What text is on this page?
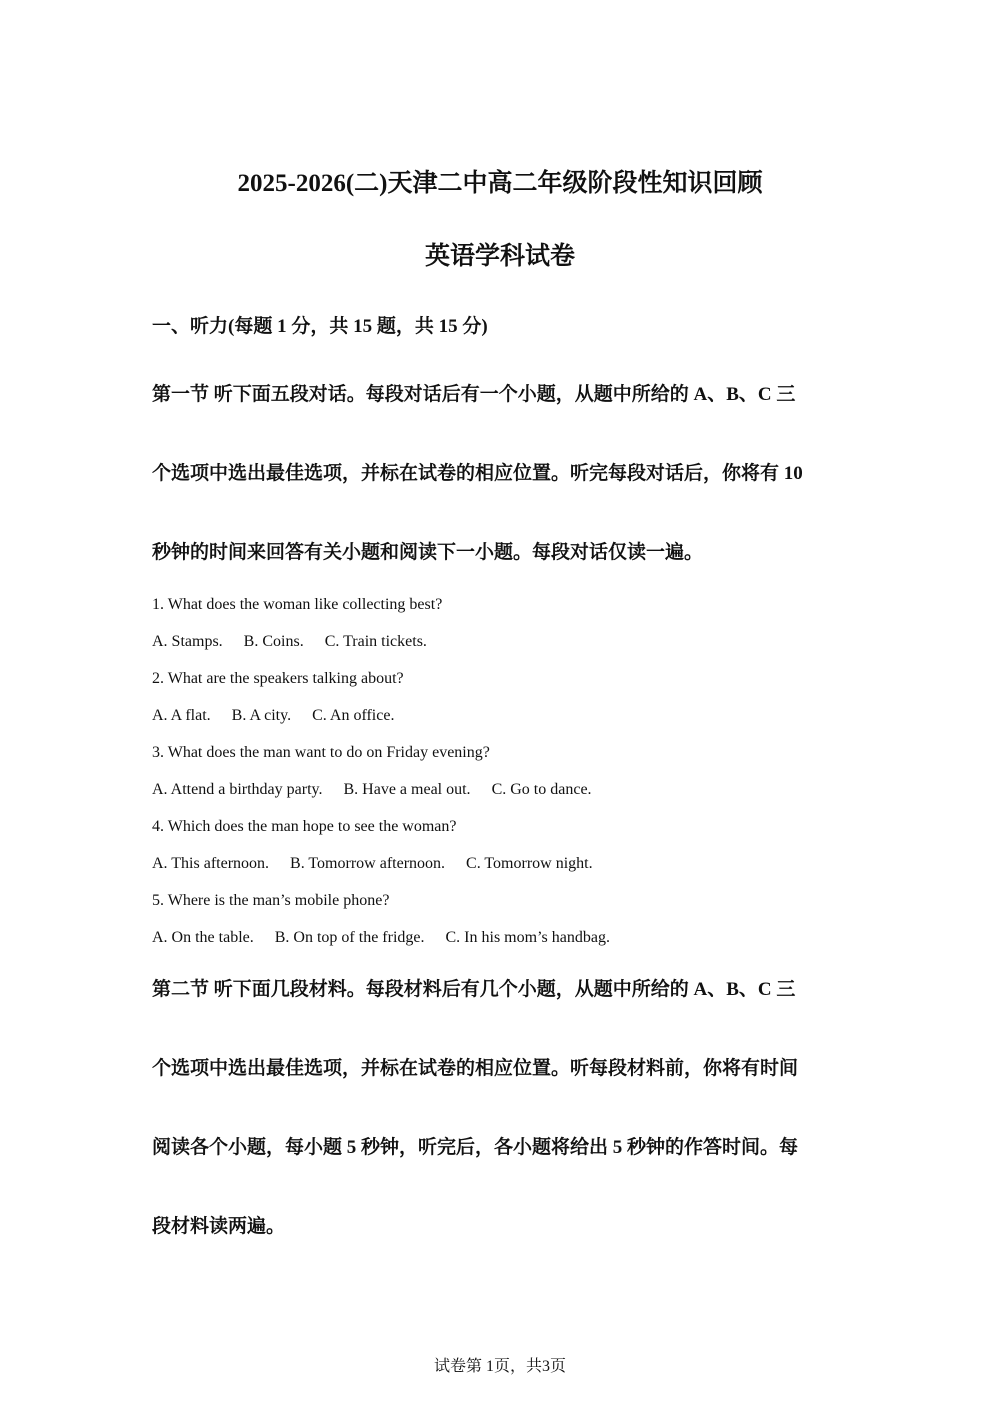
2025-2026(二)天津二中高二年级阶段性知识回顾
英语学科试卷
一、听力(每题 1 分，共 15 题，共 15 分)
第一节 听下面五段对话。每段对话后有一个小题，从题中所给的 A、B、C 三
个选项中选出最佳选项，并标在试卷的相应位置。听完每段对话后，你将有 10
秒钟的时间来回答有关小题和阅读下一小题。每段对话仅读一遍。
1. What does the woman like collecting best?
A. Stamps. B. Coins. C. Train tickets.
2. What are the speakers talking about?
A. A flat. B. A city. C. An office.
3. What does the man want to do on Friday evening?
A. Attend a birthday party. B. Have a meal out. C. Go to dance.
4. Which does the man hope to see the woman?
A. This afternoon. B. Tomorrow afternoon. C. Tomorrow night.
5. Where is the man’s mobile phone?
A. On the table. B. On top of the fridge. C. In his mom’s handbag.
第二节 听下面几段材料。每段材料后有几个小题，从题中所给的 A、B、C 三
个选项中选出最佳选项，并标在试卷的相应位置。听每段材料前，你将有时间
阅读各个小题，每小题 5 秒钟，听完后，各小题将给出 5 秒钟的作答时间。每
段材料读两遍。
试卷第 1页，共3页
